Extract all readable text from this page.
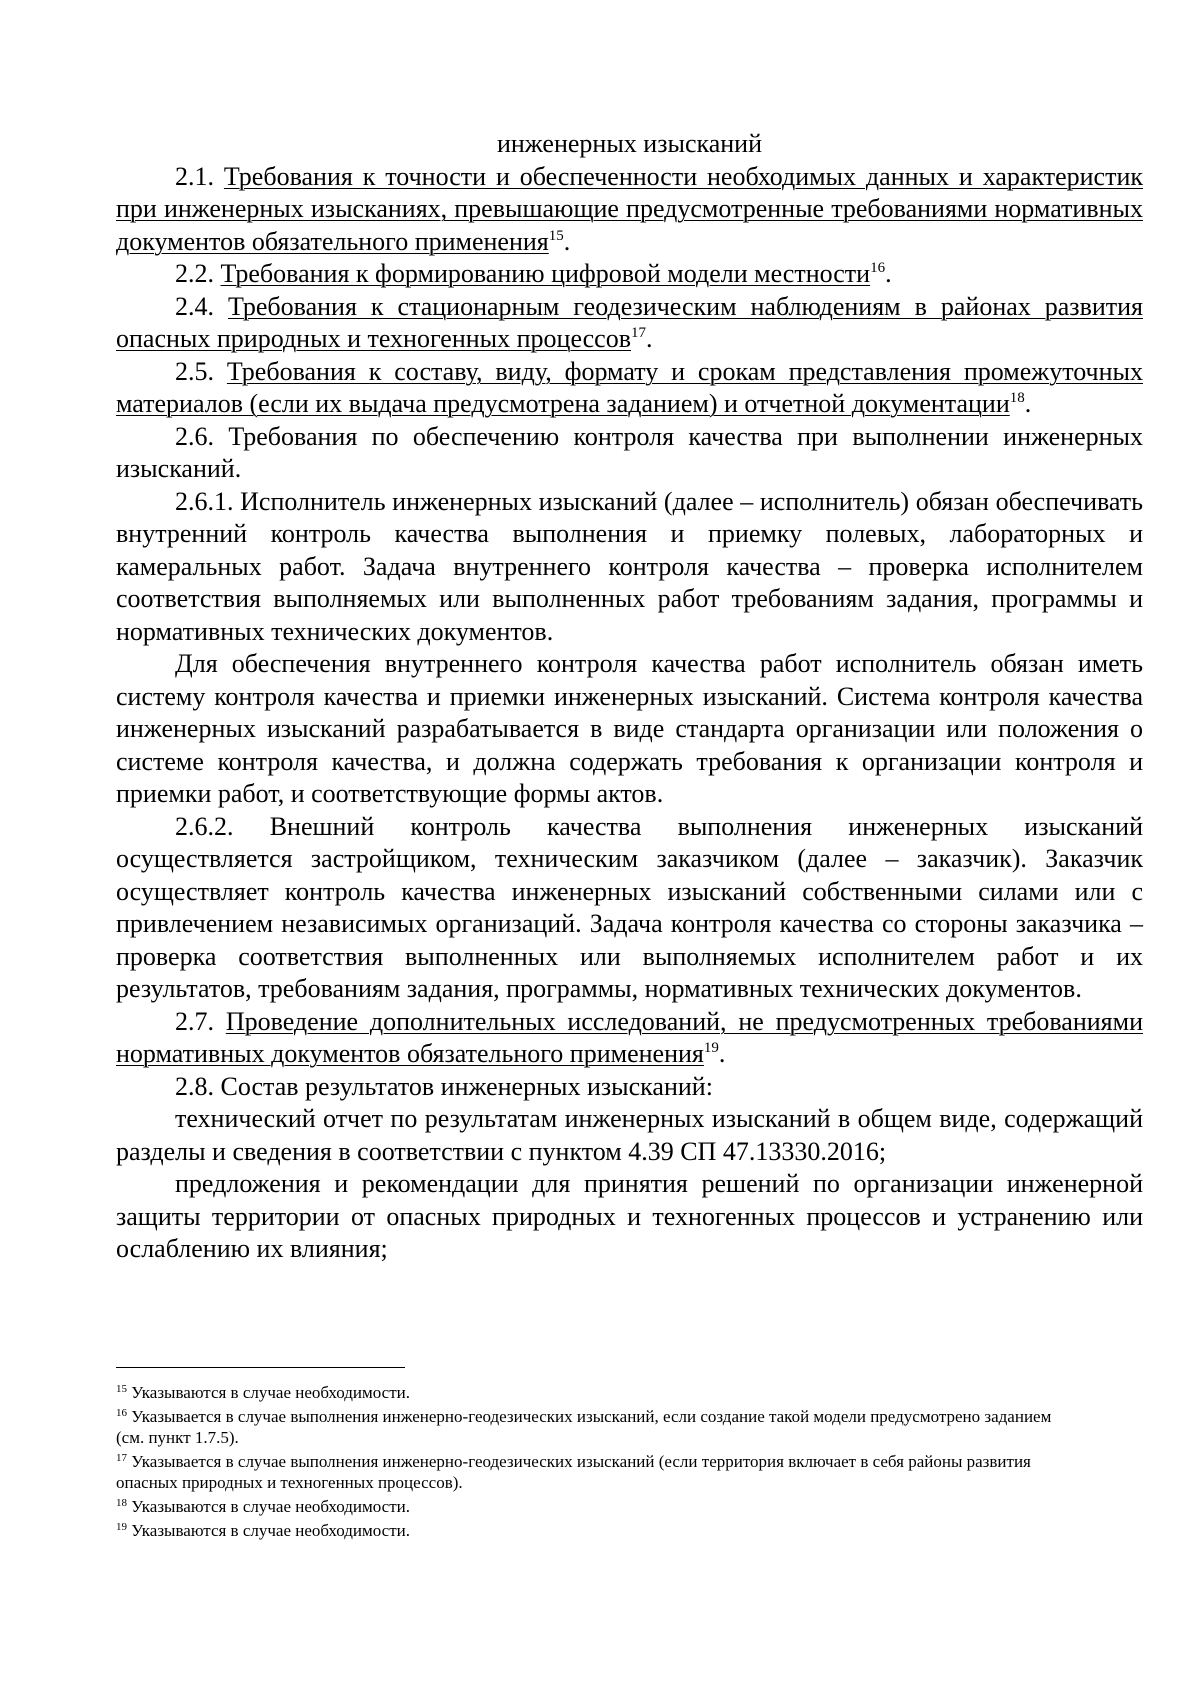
инженерных изысканий

2.1. Требования к точности и обеспеченности необходимых данных и характеристик при инженерных изысканиях, превышающие предусмотренные требованиями нормативных документов обязательного применения$^{15}$.

2.2. Требования к формированию цифровой модели местности$^{16}$.

2.4. Требования к стационарным геодезическим наблюдениям в районах развития опасных природных и техногенных процессов$^{17}$.

2.5. Требования к составу, виду, формату и срокам представления промежуточных материалов (если их выдача предусмотрена заданием) и отчетной документации$^{18}$.

2.6. Требования по обеспечению контроля качества при выполнении инженерных изысканий.

2.6.1. Исполнитель инженерных изысканий (далее – исполнитель) обязан обеспечивать внутренний контроль качества выполнения и приемку полевых, лабораторных и камеральных работ. Задача внутреннего контроля качества – проверка исполнителем соответствия выполняемых или выполненных работ требованиям задания, программы и нормативных технических документов.

Для обеспечения внутреннего контроля качества работ исполнитель обязан иметь систему контроля качества и приемки инженерных изысканий. Система контроля качества инженерных изысканий разрабатывается в виде стандарта организации или положения о системе контроля качества, и должна содержать требования к организации контроля и приемки работ, и соответствующие формы актов.

2.6.2. Внешний контроль качества выполнения инженерных изысканий осуществляется застройщиком, техническим заказчиком (далее – заказчик). Заказчик осуществляет контроль качества инженерных изысканий собственными силами или с привлечением независимых организаций. Задача контроля качества со стороны заказчика – проверка соответствия выполненных или выполняемых исполнителем работ и их результатов, требованиям задания, программы, нормативных технических документов.

2.7. Проведение дополнительных исследований, не предусмотренных требованиями нормативных документов обязательного применения$^{19}$.

2.8. Состав результатов инженерных изысканий:

технический отчет по результатам инженерных изысканий в общем виде, содержащий разделы и сведения в соответствии с пунктом 4.39 СП 47.13330.2016;

предложения и рекомендации для принятия решений по организации инженерной защиты территории от опасных природных и техногенных процессов и устранению или ослаблению их влияния;

$^{15}$ Указываются в случае необходимости.

$^{16}$ Указывается в случае выполнения инженерно-геодезических изысканий, если создание такой модели предусмотрено заданием (см. пункт 1.7.5).

$^{17}$ Указывается в случае выполнения инженерно-геодезических изысканий (если территория включает в себя районы развития опасных природных и техногенных процессов).

$^{18}$ Указываются в случае необходимости.

$^{19}$ Указываются в случае необходимости.
